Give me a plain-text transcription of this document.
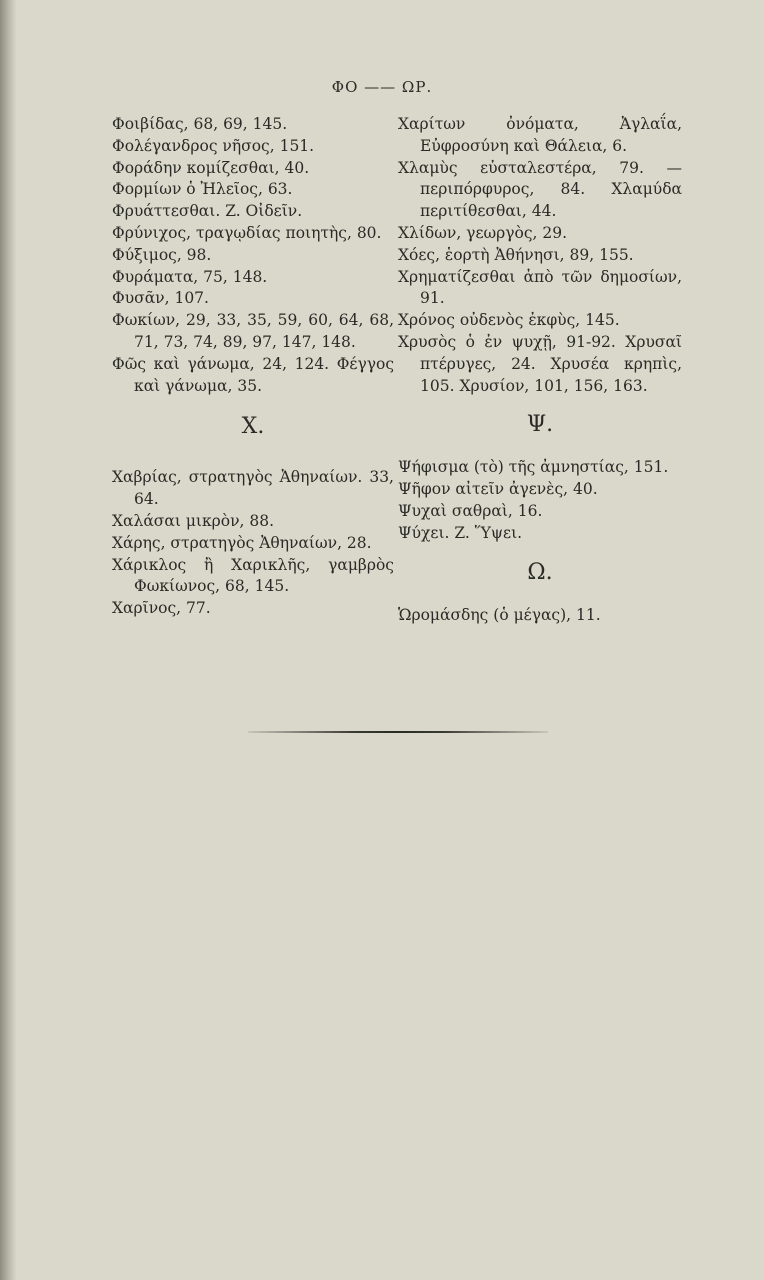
ΦΟ —— ΩΡ.

Φοιβίδας, 68, 69, 145.

Φολέγανδρος νῆσος, 151.

Φοράδην κομίζεσθαι, 40.

Φορμίων ὁ Ἠλεῖος, 63.

Φρυάττεσθαι. Z. Οἰδεῖν.

Φρύνιχος, τραγῳδίας ποιητὴς, 80.

Φύξιμος, 98.

Φυράματα, 75, 148.

Φυσᾶν, 107.

Φωκίων, 29, 33, 35, 59, 60, 64, 68, 71, 73, 74, 89, 97, 147, 148.

Φῶς καὶ γάνωμα, 24, 124. Φέγγος καὶ γάνωμα, 35.

Χ.

Χαβρίας, στρατηγὸς Ἀθηναίων. 33, 64.

Χαλάσαι μικρὸν, 88.

Χάρης, στρατηγὸς Ἀθηναίων, 28.

Χάρικλος ἢ Χαρικλῆς, γαμβρὸς Φωκίωνος, 68, 145.

Χαρῖνος, 77.

Χαρίτων ὀνόματα, Ἀγλαΐα, Εὐφροσύνη καὶ Θάλεια, 6.

Χλαμὺς εὐσταλεστέρα, 79. — περιπόρφυρος, 84. Χλαμύδα περιτίθεσθαι, 44.

Χλίδων, γεωργὸς, 29.

Χόες, ἑορτὴ Ἀθήνησι, 89, 155.

Χρηματίζεσθαι ἀπὸ τῶν δημοσίων, 91.

Χρόνος οὐδενὸς ἐκφὺς, 145.

Χρυσὸς ὁ ἐν ψυχῇ, 91-92. Χρυσαῖ πτέρυγες, 24. Χρυσέα κρηπὶς, 105. Χρυσίον, 101, 156, 163.

Ψ.

Ψήφισμα (τὸ) τῆς ἀμνηστίας, 151.

Ψῆφον αἰτεῖν ἀγενὲς, 40.

Ψυχαὶ σαθραὶ, 16.

Ψύχει. Z. Ὕψει.

Ω.

Ὡρομάσδης (ὁ μέγας), 11.
